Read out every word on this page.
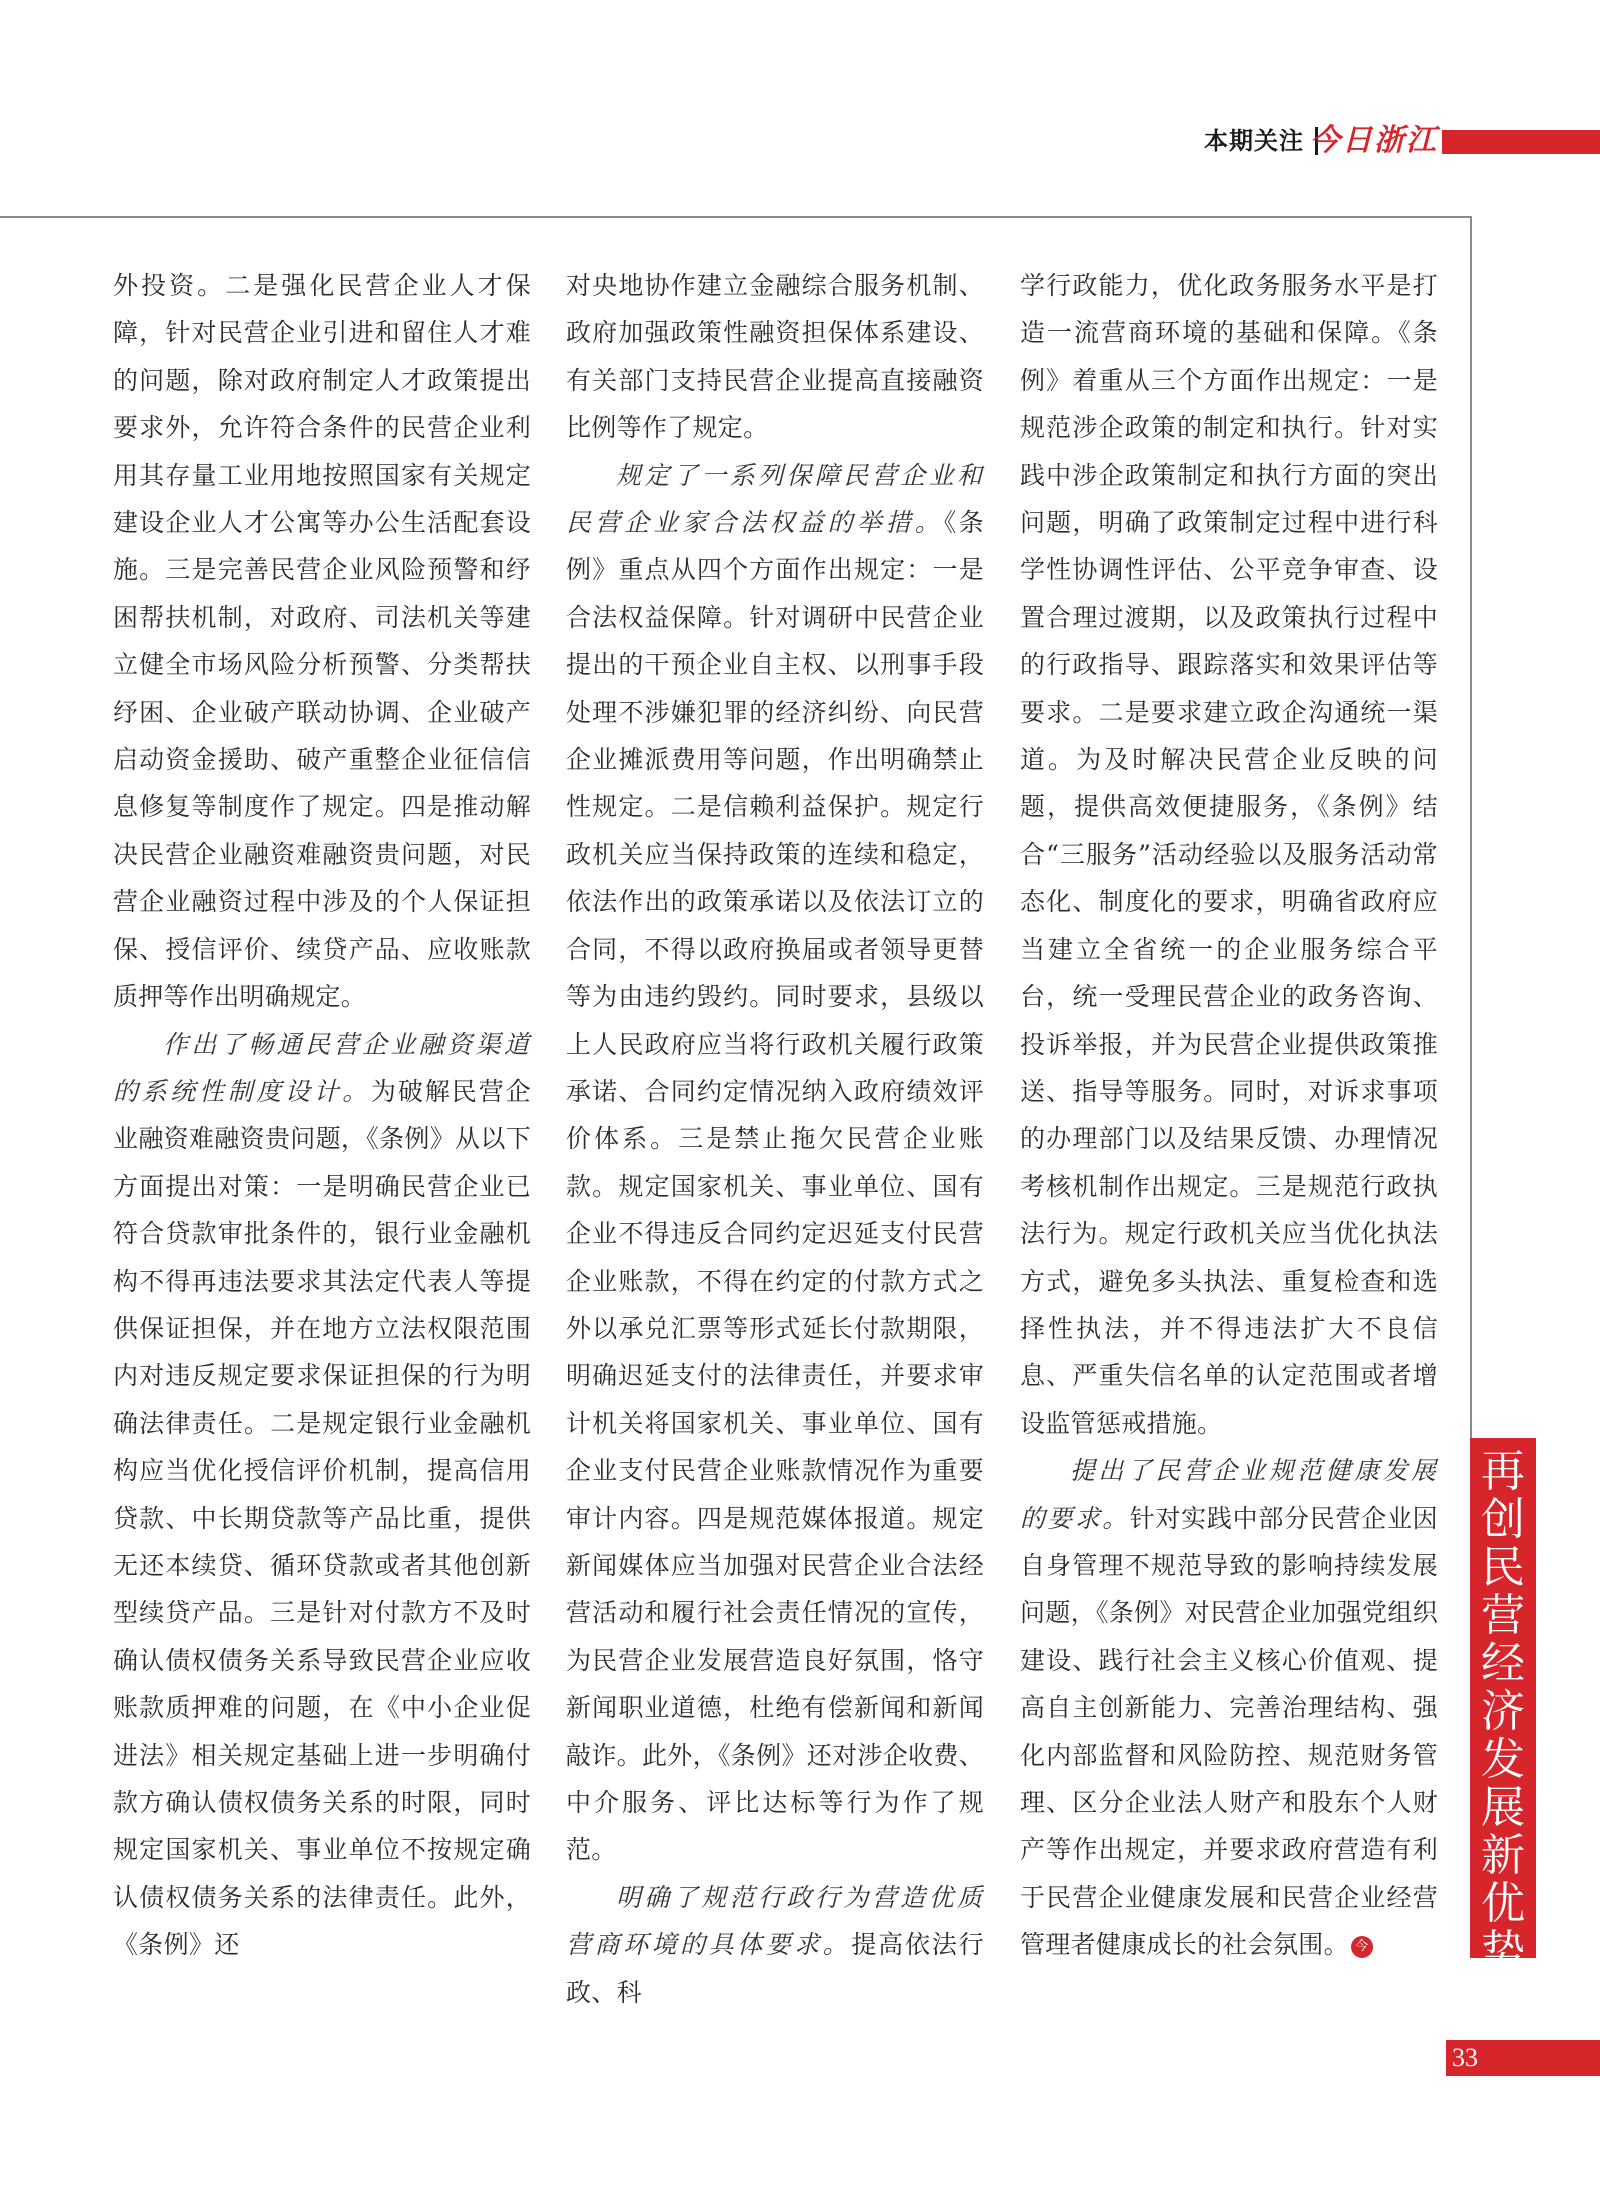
本期关注 今日浙江

外投资。二是强化民营企业人才保障，针对民营企业引进和留住人才难的问题，除对政府制定人才政策提出要求外，允许符合条件的民营企业利用其存量工业用地按照国家有关规定建设企业人才公寓等办公生活配套设施。三是完善民营企业风险预警和纾困帮扶机制，对政府、司法机关等建立健全市场风险分析预警、分类帮扶纾困、企业破产联动协调、企业破产启动资金援助、破产重整企业征信信息修复等制度作了规定。四是推动解决民营企业融资难融资贵问题，对民营企业融资过程中涉及的个人保证担保、授信评价、续贷产品、应收账款质押等作出明确规定。

作出了畅通民营企业融资渠道的系统性制度设计。为破解民营企业融资难融资贵问题，《条例》从以下方面提出对策：一是明确民营企业已符合贷款审批条件的，银行业金融机构不得再违法要求其法定代表人等提供保证担保，并在地方立法权限范围内对违反规定要求保证担保的行为明确法律责任。二是规定银行业金融机构应当优化授信评价机制，提高信用贷款、中长期贷款等产品比重，提供无还本续贷、循环贷款或者其他创新型续贷产品。三是针对付款方不及时确认债权债务关系导致民营企业应收账款质押难的问题，在《中小企业促进法》相关规定基础上进一步明确付款方确认债权债务关系的时限，同时规定国家机关、事业单位不按规定确认债权债务关系的法律责任。此外，《条例》还

对央地协作建立金融综合服务机制、政府加强政策性融资担保体系建设、有关部门支持民营企业提高直接融资比例等作了规定。

规定了一系列保障民营企业和民营企业家合法权益的举措。《条例》重点从四个方面作出规定：一是合法权益保障。针对调研中民营企业提出的干预企业自主权、以刑事手段处理不涉嫌犯罪的经济纠纷、向民营企业摊派费用等问题，作出明确禁止性规定。二是信赖利益保护。规定行政机关应当保持政策的连续和稳定，依法作出的政策承诺以及依法订立的合同，不得以政府换届或者领导更替等为由违约毁约。同时要求，县级以上人民政府应当将行政机关履行政策承诺、合同约定情况纳入政府绩效评价体系。三是禁止拖欠民营企业账款。规定国家机关、事业单位、国有企业不得违反合同约定迟延支付民营企业账款，不得在约定的付款方式之外以承兑汇票等形式延长付款期限，明确迟延支付的法律责任，并要求审计机关将国家机关、事业单位、国有企业支付民营企业账款情况作为重要审计内容。四是规范媒体报道。规定新闻媒体应当加强对民营企业合法经营活动和履行社会责任情况的宣传，为民营企业发展营造良好氛围，恪守新闻职业道德，杜绝有偿新闻和新闻敲诈。此外，《条例》还对涉企收费、中介服务、评比达标等行为作了规范。

明确了规范行政行为营造优质营商环境的具体要求。提高依法行政、科

学行政能力，优化政务服务水平是打造一流营商环境的基础和保障。《条例》着重从三个方面作出规定：一是规范涉企政策的制定和执行。针对实践中涉企政策制定和执行方面的突出问题，明确了政策制定过程中进行科学性协调性评估、公平竞争审查、设置合理过渡期，以及政策执行过程中的行政指导、跟踪落实和效果评估等要求。二是要求建立政企沟通统一渠道。为及时解决民营企业反映的问题，提供高效便捷服务，《条例》结合“三服务”活动经验以及服务活动常态化、制度化的要求，明确省政府应当建立全省统一的企业服务综合平台，统一受理民营企业的政务咨询、投诉举报，并为民营企业提供政策推送、指导等服务。同时，对诉求事项的办理部门以及结果反馈、办理情况考核机制作出规定。三是规范行政执法行为。规定行政机关应当优化执法方式，避免多头执法、重复检查和选择性执法，并不得违法扩大不良信息、严重失信名单的认定范围或者增设监管惩戒措施。

提出了民营企业规范健康发展的要求。针对实践中部分民营企业因自身管理不规范导致的影响持续发展问题，《条例》对民营企业加强党组织建设、践行社会主义核心价值观、提高自主创新能力、完善治理结构、强化内部监督和风险防控、规范财务管理、区分企业法人财产和股东个人财产等作出规定，并要求政府营造有利于民营企业健康发展和民营企业经营管理者健康成长的社会氛围。 今

再
创
民
营
经
济
发
展
新
优
势
33
